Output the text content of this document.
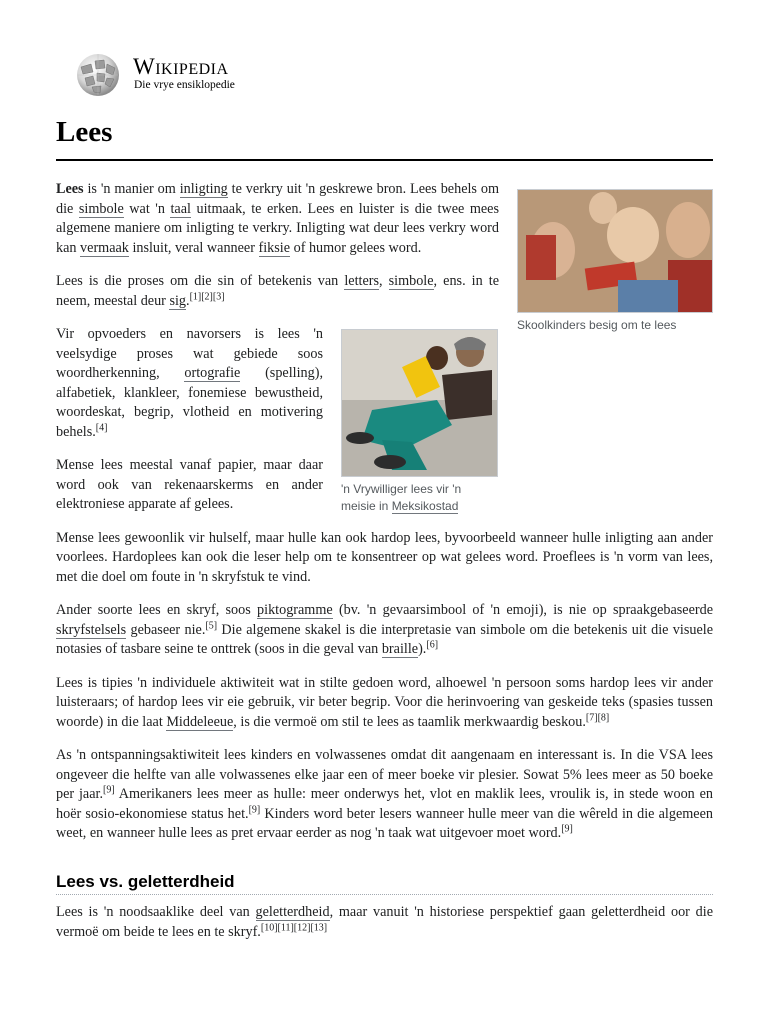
Wikipedia
Die vrye ensiklopedie
Lees
Skoolkinders besig om te lees

Lees is 'n manier om inligting te verkry uit 'n geskrewe bron. Lees behels om die simbole wat 'n taal uitmaak, te erken. Lees en luister is die twee mees algemene maniere om inligting te verkry. Inligting wat deur lees verkry word kan vermaak insluit, veral wanneer fiksie of humor gelees word.

Lees is die proses om die sin of betekenis van letters, simbole, ens. in te neem, meestal deur sig.[1][2][3]

'n Vrywilliger lees vir 'n meisie in Meksikostad

Vir opvoeders en navorsers is lees 'n veelsydige proses wat gebiede soos woordherkenning, ortografie (spelling), alfabetiek, klankleer, fonemiese bewustheid, woordeskat, begrip, vlotheid en motivering behels.[4]

Mense lees meestal vanaf papier, maar daar word ook van rekenaarskerms en ander elektroniese apparate af gelees.

Mense lees gewoonlik vir hulself, maar hulle kan ook hardop lees, byvoorbeeld wanneer hulle inligting aan ander voorlees. Hardoplees kan ook die leser help om te konsentreer op wat gelees word. Proeflees is 'n vorm van lees, met die doel om foute in 'n skryfstuk te vind.

Ander soorte lees en skryf, soos piktogramme (bv. 'n gevaarsimbool of 'n emoji), is nie op spraakgebaseerde skryfstelsels gebaseer nie.[5] Die algemene skakel is die interpretasie van simbole om die betekenis uit die visuele notasies of tasbare seine te onttrek (soos in die geval van braille).[6]

Lees is tipies 'n individuele aktiwiteit wat in stilte gedoen word, alhoewel 'n persoon soms hardop lees vir ander luisteraars; of hardop lees vir eie gebruik, vir beter begrip. Voor die herinvoering van geskeide teks (spasies tussen woorde) in die laat Middeleeue, is die vermoë om stil te lees as taamlik merkwaardig beskou.[7][8]

As 'n ontspanningsaktiwiteit lees kinders en volwassenes omdat dit aangenaam en interessant is. In die VSA lees ongeveer die helfte van alle volwassenes elke jaar een of meer boeke vir plesier. Sowat 5% lees meer as 50 boeke per jaar.[9] Amerikaners lees meer as hulle: meer onderwys het, vlot en maklik lees, vroulik is, in stede woon en hoër sosio-ekonomiese status het.[9] Kinders word beter lesers wanneer hulle meer van die wêreld in die algemeen weet, en wanneer hulle lees as pret ervaar eerder as nog 'n taak wat uitgevoer moet word.[9]

Lees vs. geletterdheid

Lees is 'n noodsaaklike deel van geletterdheid, maar vanuit 'n historiese perspektief gaan geletterdheid oor die vermoë om beide te lees en te skryf.[10][11][12][13]
